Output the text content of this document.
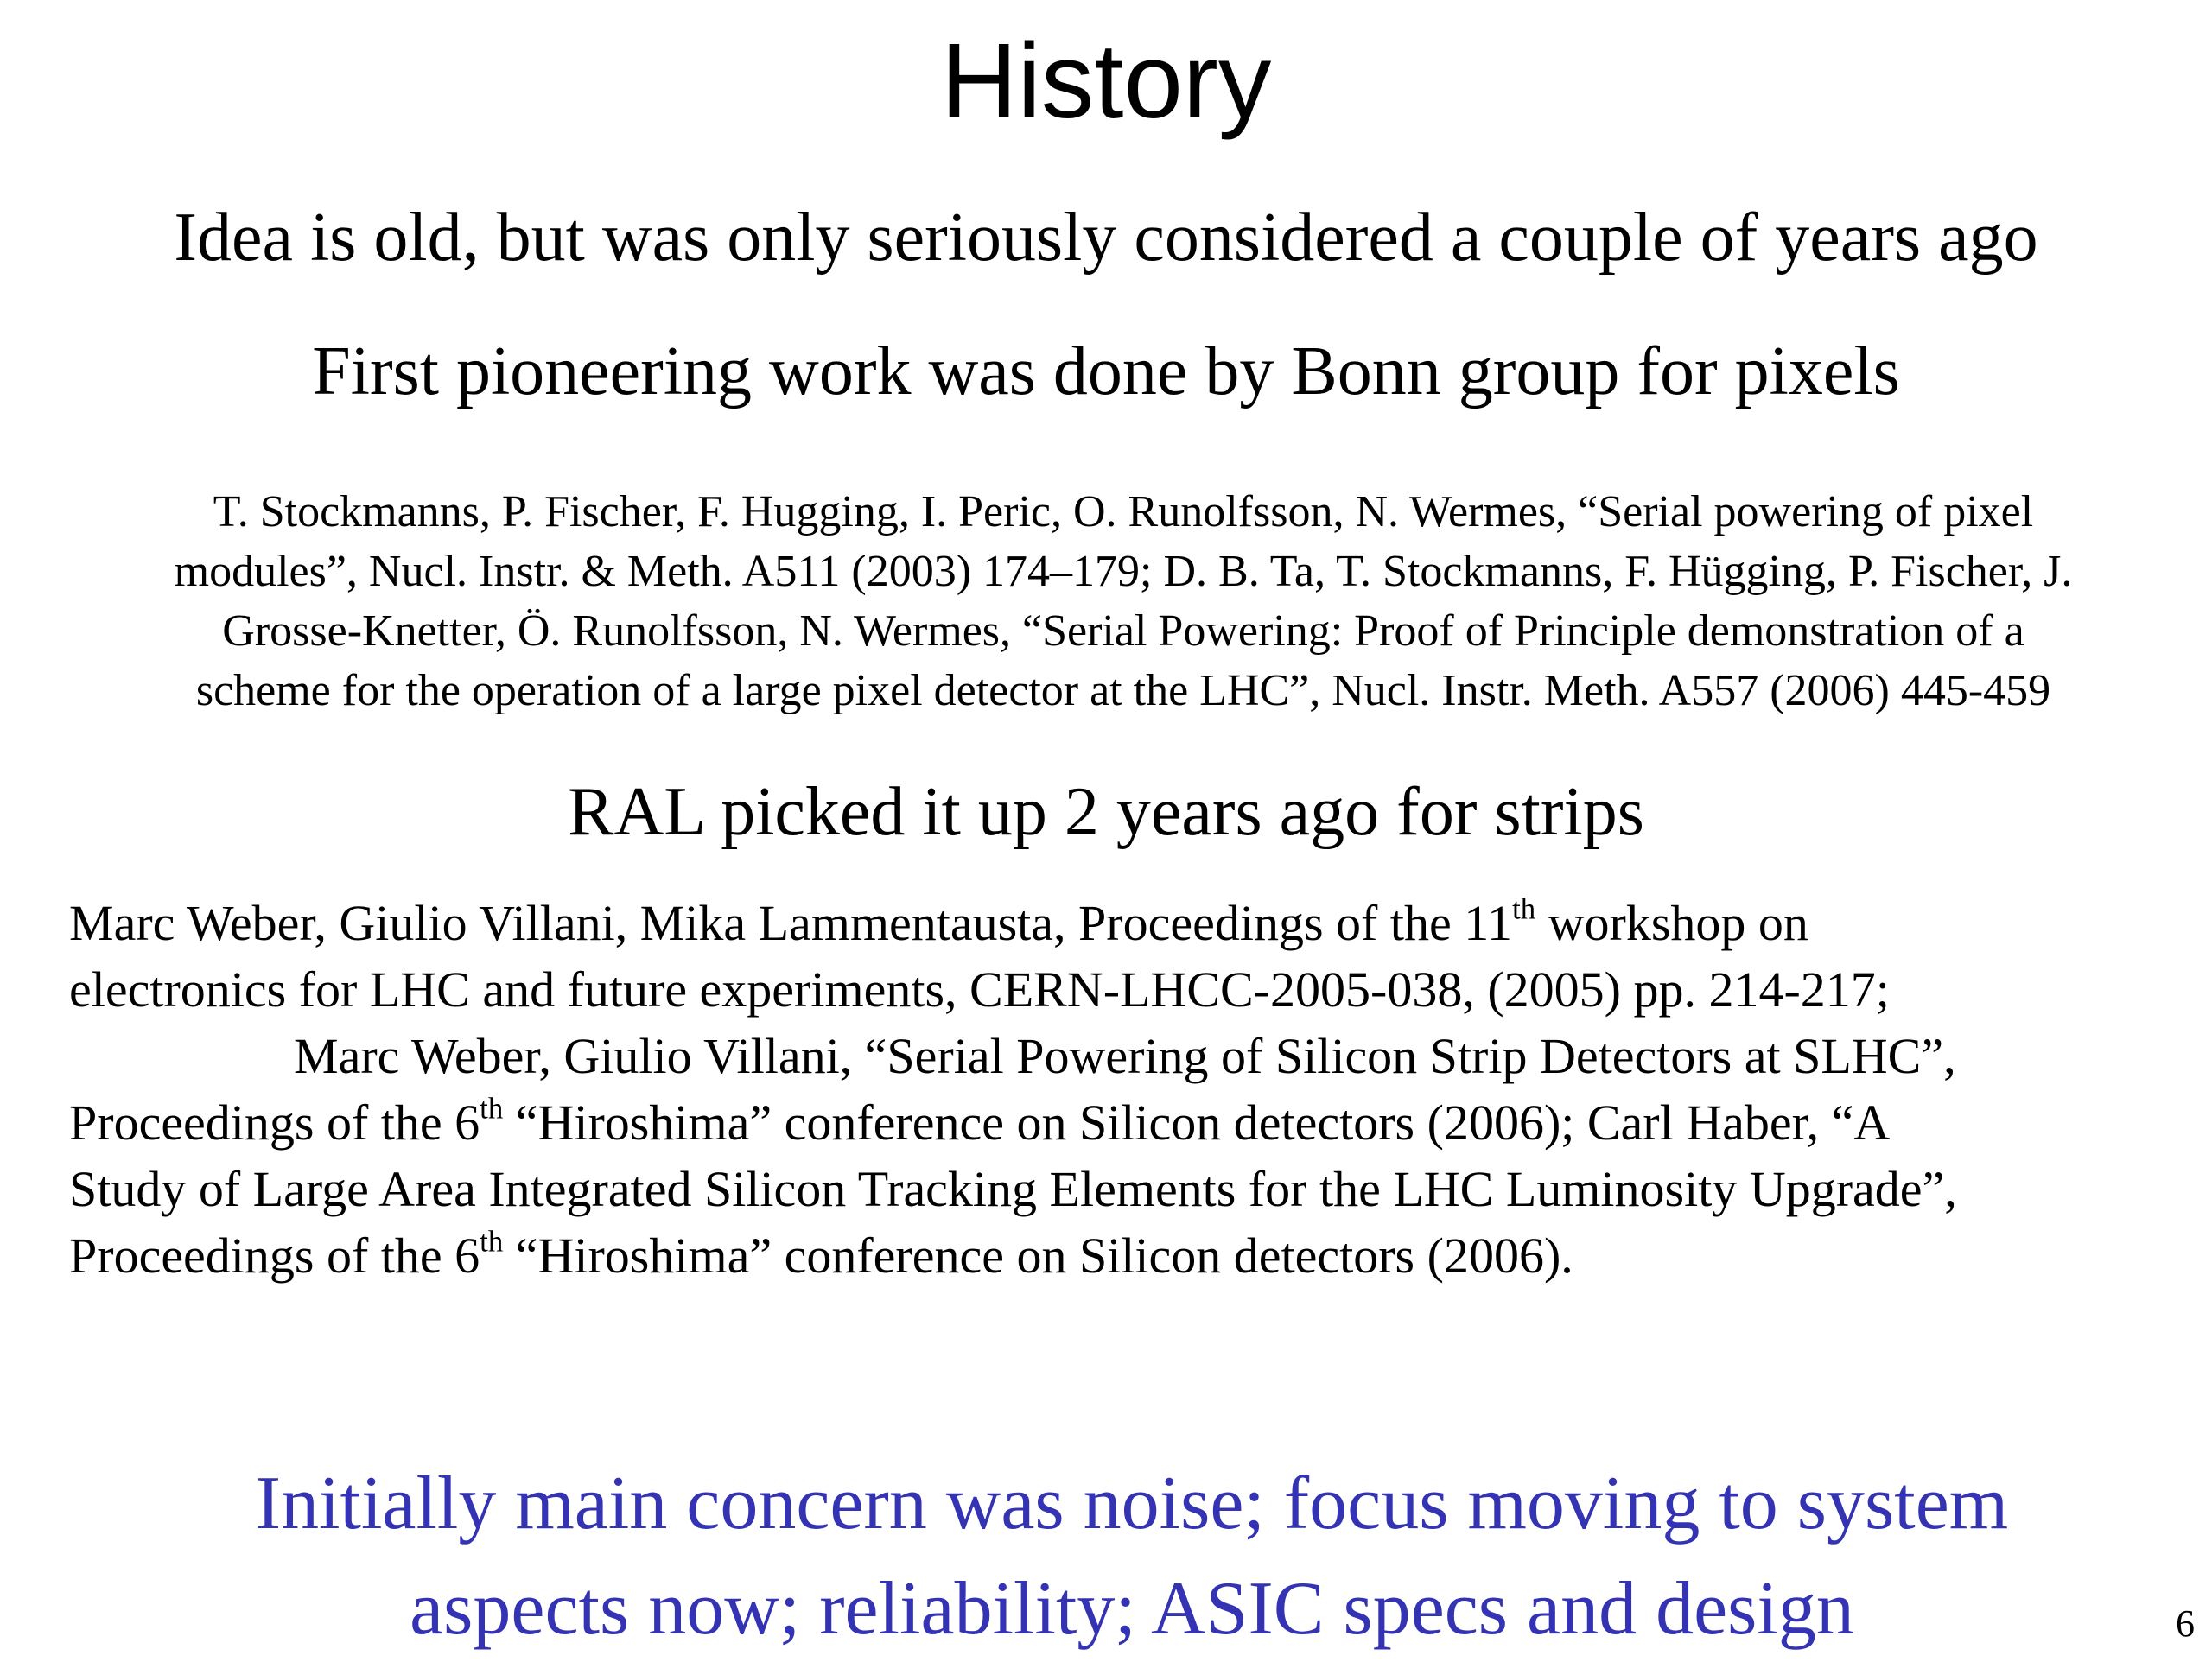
History
Idea is old, but was only seriously considered a couple of years ago
First pioneering work was done by Bonn group for pixels
T. Stockmanns, P. Fischer, F. Hugging, I. Peric, O. Runolfsson, N. Wermes, “Serial powering of pixel
modules”, Nucl. Instr. & Meth. A511 (2003) 174–179; D. B. Ta, T. Stockmanns, F. Hügging, P. Fischer, J.
Grosse-Knetter, Ö. Runolfsson, N. Wermes, “Serial Powering: Proof of Principle demonstration of a
scheme for the operation of a large pixel detector at the LHC”, Nucl. Instr. Meth. A557 (2006) 445-459
RAL picked it up 2 years ago for strips
Marc Weber, Giulio Villani, Mika Lammentausta, Proceedings of the 11th workshop on
electronics for LHC and future experiments, CERN-LHCC-2005-038, (2005) pp. 214-217;
Marc Weber, Giulio Villani, “Serial Powering of Silicon Strip Detectors at SLHC”,
Proceedings of the 6th “Hiroshima” conference on Silicon detectors (2006); Carl Haber, “A
Study of Large Area Integrated Silicon Tracking Elements for the LHC Luminosity Upgrade”,
Proceedings of the 6th “Hiroshima” conference on Silicon detectors (2006).
Initially main concern was noise; focus moving to system
aspects now; reliability; ASIC specs and design	6
